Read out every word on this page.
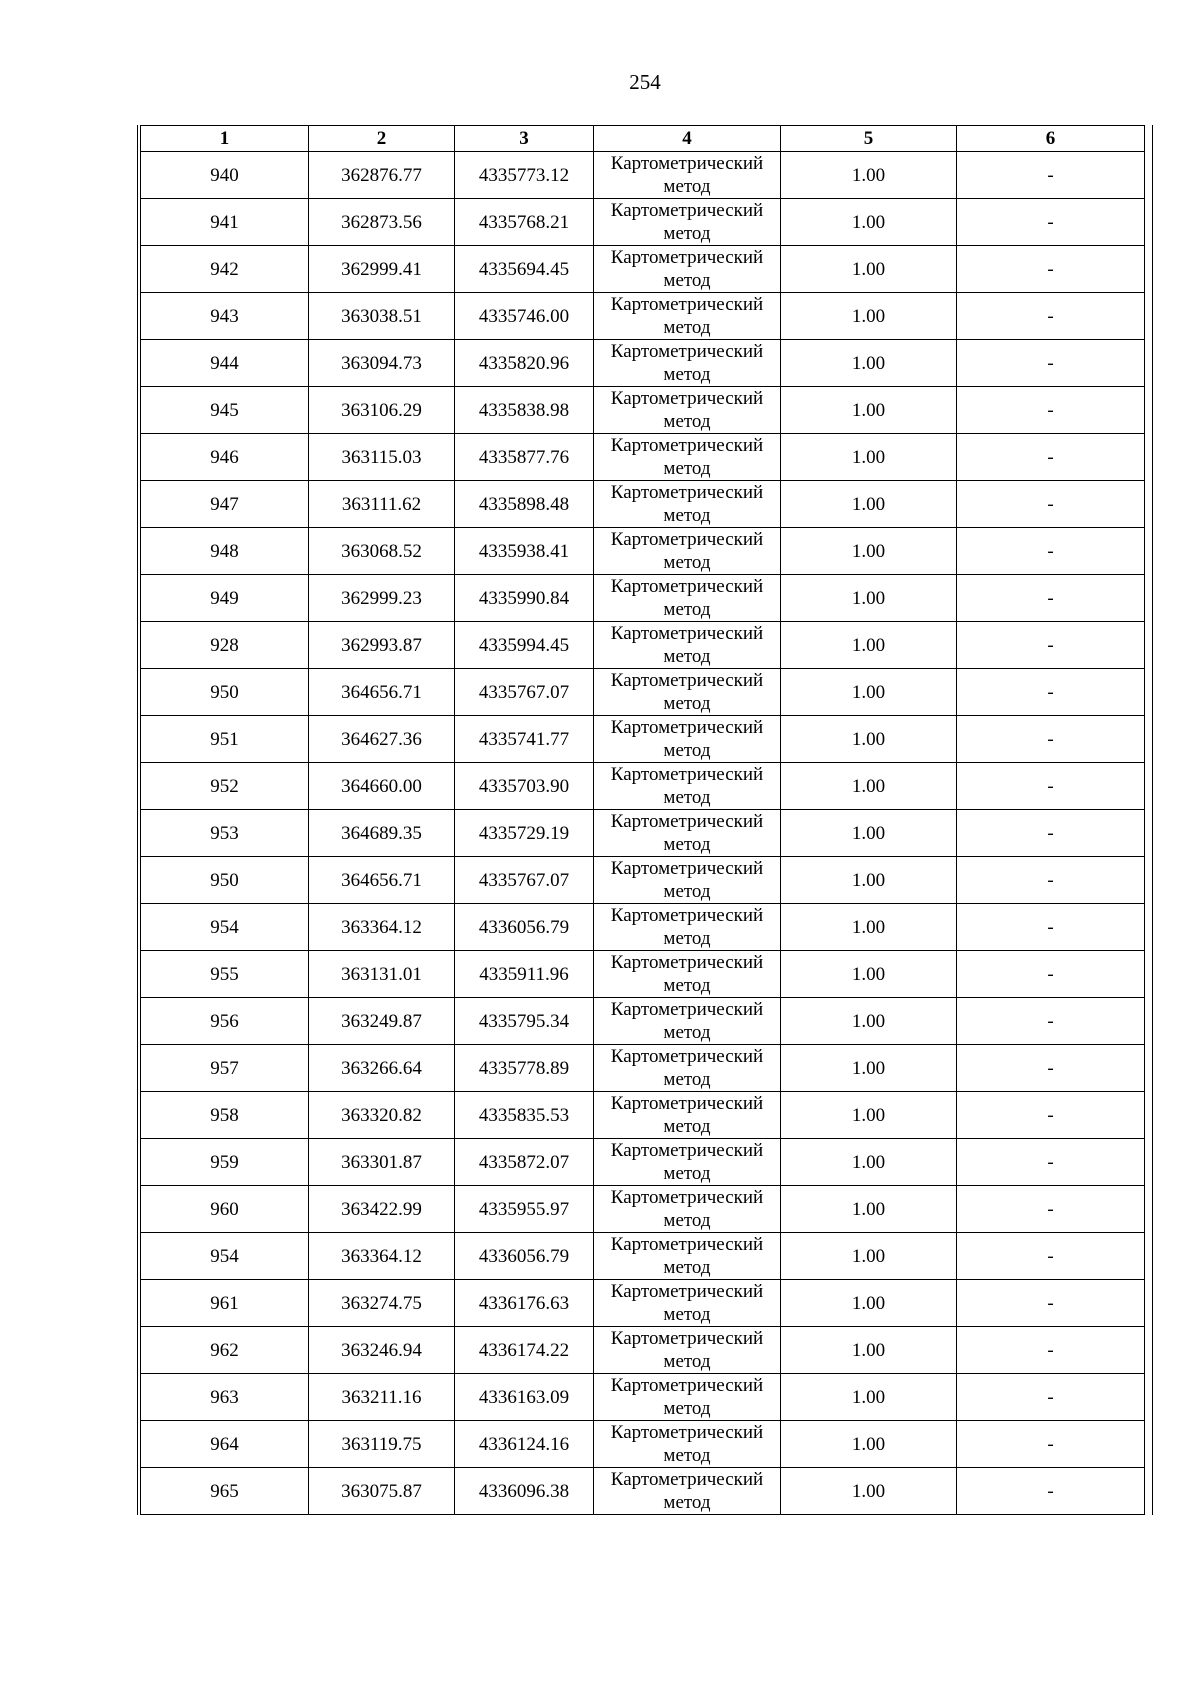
254
1	2	3	4	5	6
940	362876.77	4335773.12	Картометрический метод	1.00	-
941	362873.56	4335768.21	Картометрический метод	1.00	-
942	362999.41	4335694.45	Картометрический метод	1.00	-
943	363038.51	4335746.00	Картометрический метод	1.00	-
944	363094.73	4335820.96	Картометрический метод	1.00	-
945	363106.29	4335838.98	Картометрический метод	1.00	-
946	363115.03	4335877.76	Картометрический метод	1.00	-
947	363111.62	4335898.48	Картометрический метод	1.00	-
948	363068.52	4335938.41	Картометрический метод	1.00	-
949	362999.23	4335990.84	Картометрический метод	1.00	-
928	362993.87	4335994.45	Картометрический метод	1.00	-
950	364656.71	4335767.07	Картометрический метод	1.00	-
951	364627.36	4335741.77	Картометрический метод	1.00	-
952	364660.00	4335703.90	Картометрический метод	1.00	-
953	364689.35	4335729.19	Картометрический метод	1.00	-
950	364656.71	4335767.07	Картометрический метод	1.00	-
954	363364.12	4336056.79	Картометрический метод	1.00	-
955	363131.01	4335911.96	Картометрический метод	1.00	-
956	363249.87	4335795.34	Картометрический метод	1.00	-
957	363266.64	4335778.89	Картометрический метод	1.00	-
958	363320.82	4335835.53	Картометрический метод	1.00	-
959	363301.87	4335872.07	Картометрический метод	1.00	-
960	363422.99	4335955.97	Картометрический метод	1.00	-
954	363364.12	4336056.79	Картометрический метод	1.00	-
961	363274.75	4336176.63	Картометрический метод	1.00	-
962	363246.94	4336174.22	Картометрический метод	1.00	-
963	363211.16	4336163.09	Картометрический метод	1.00	-
964	363119.75	4336124.16	Картометрический метод	1.00	-
965	363075.87	4336096.38	Картометрический метод	1.00	-
